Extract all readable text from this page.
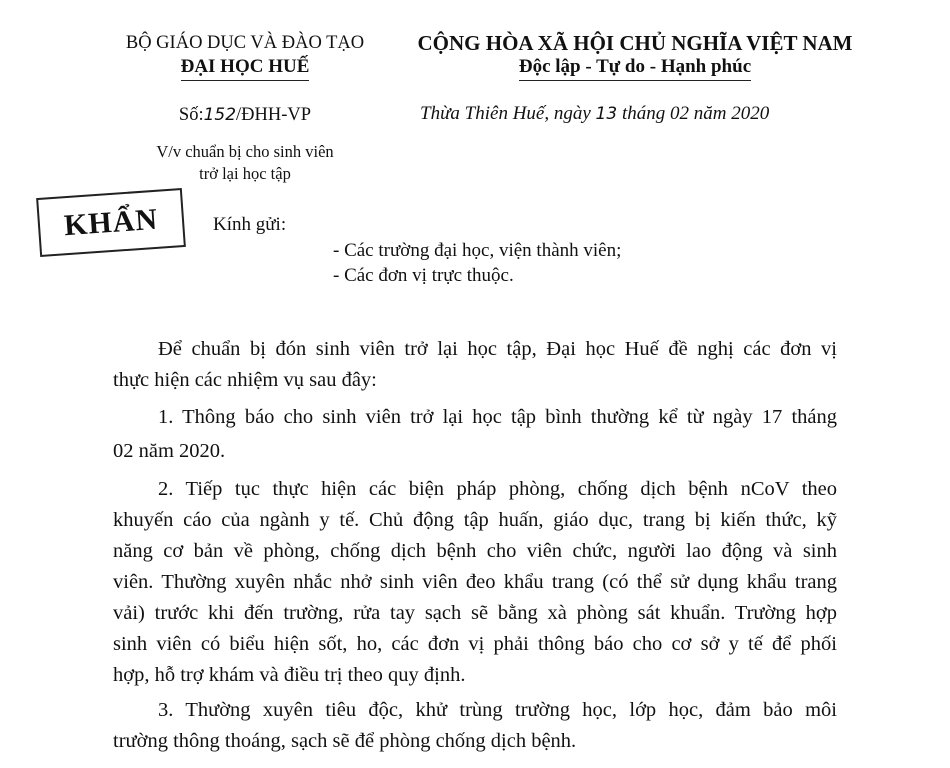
BỘ GIÁO DỤC VÀ ĐÀO TẠO
ĐẠI HỌC HUẾ
CỘNG HÒA XÃ HỘI CHỦ NGHĨA VIỆT NAM
Độc lập - Tự do - Hạnh phúc
Số:152/ĐHH-VP	Thừa Thiên Huế, ngày 13 tháng 02 năm 2020
V/v chuẩn bị cho sinh viên
trở lại học tập
KHẨN	Kính gửi:
- Các trường đại học, viện thành viên;
- Các đơn vị trực thuộc.
Để chuẩn bị đón sinh viên trở lại học tập, Đại học Huế đề nghị các đơn vị
thực hiện các nhiệm vụ sau đây:
1. Thông báo cho sinh viên trở lại học tập bình thường kể từ ngày 17 tháng
02 năm 2020.
2. Tiếp tục thực hiện các biện pháp phòng, chống dịch bệnh nCoV theo
khuyến cáo của ngành y tế. Chủ động tập huấn, giáo dục, trang bị kiến thức, kỹ
năng cơ bản về phòng, chống dịch bệnh cho viên chức, người lao động và sinh
viên. Thường xuyên nhắc nhở sinh viên đeo khẩu trang (có thể sử dụng khẩu trang
vải) trước khi đến trường, rửa tay sạch sẽ bằng xà phòng sát khuẩn. Trường hợp
sinh viên có biểu hiện sốt, ho, các đơn vị phải thông báo cho cơ sở y tế để phối
hợp, hỗ trợ khám và điều trị theo quy định.
3. Thường xuyên tiêu độc, khử trùng trường học, lớp học, đảm bảo môi
trường thông thoáng, sạch sẽ để phòng chống dịch bệnh.
